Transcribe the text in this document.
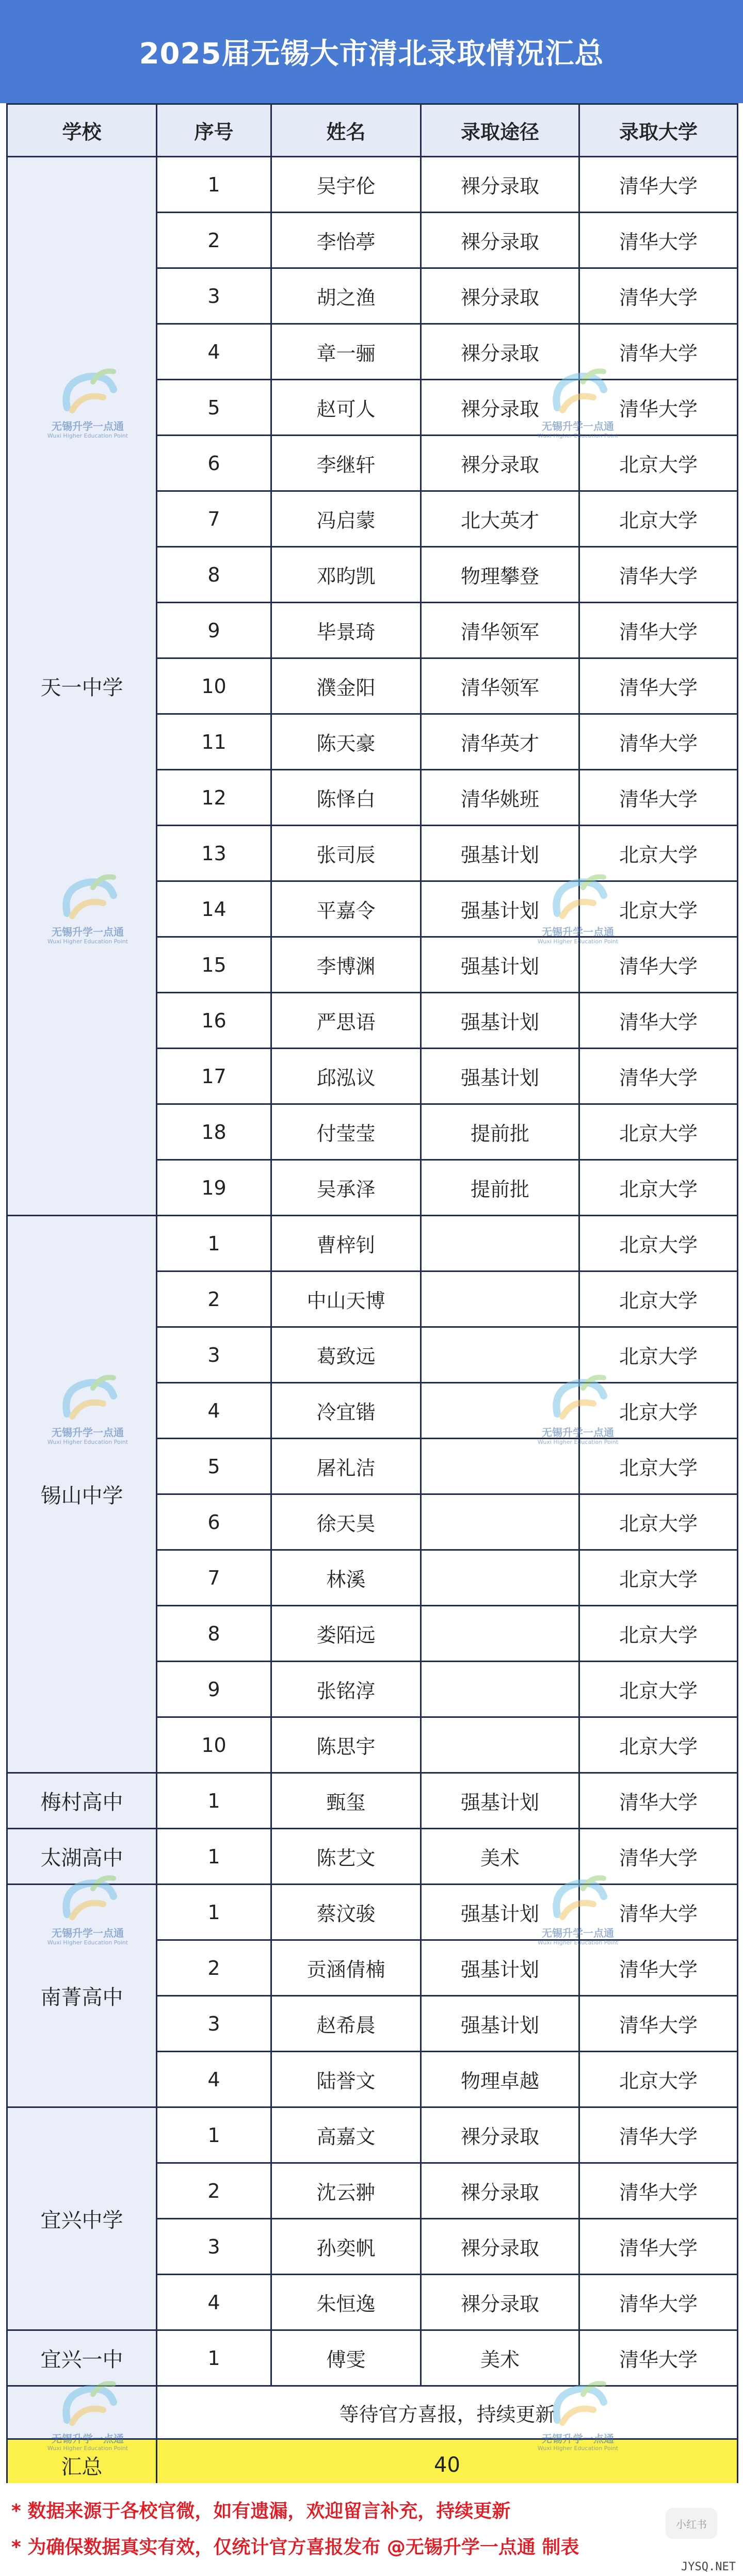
2025届无锡大市清北录取情况汇总
学校	序号	姓名	录取途径	录取大学
天一中学	1	吴宇伦	裸分录取	清华大学
	2	李怡葶	裸分录取	清华大学
	3	胡之渔	裸分录取	清华大学
	4	章一骊	裸分录取	清华大学
	5	赵可人	裸分录取	清华大学
	6	李继轩	裸分录取	北京大学
	7	冯启蒙	北大英才	北京大学
	8	邓昀凯	物理攀登	清华大学
	9	毕景琦	清华领军	清华大学
	10	濮金阳	清华领军	清华大学
	11	陈天豪	清华英才	清华大学
	12	陈怿白	清华姚班	清华大学
	13	张司辰	强基计划	北京大学
	14	平嘉令	强基计划	北京大学
	15	李博渊	强基计划	清华大学
	16	严思语	强基计划	清华大学
	17	邱泓议	强基计划	清华大学
	18	付莹莹	提前批	北京大学
	19	吴承泽	提前批	北京大学
锡山中学	1	曹梓钊		北京大学
	2	中山天博		北京大学
	3	葛致远		北京大学
	4	冷宜锴		北京大学
	5	屠礼洁		北京大学
	6	徐天昊		北京大学
	7	林溪		北京大学
	8	娄陌远		北京大学
	9	张铭淳		北京大学
	10	陈思宇		北京大学
梅村高中	1	甄玺	强基计划	清华大学
太湖高中	1	陈艺文	美术	清华大学
南菁高中	1	蔡汶骏	强基计划	清华大学
	2	贡涵倩楠	强基计划	清华大学
	3	赵希晨	强基计划	清华大学
	4	陆誉文	物理卓越	北京大学
宜兴中学	1	高嘉文	裸分录取	清华大学
	2	沈云翀	裸分录取	清华大学
	3	孙奕帆	裸分录取	清华大学
	4	朱恒逸	裸分录取	清华大学
宜兴一中	1	傅雯	美术	清华大学
	等待官方喜报，持续更新			
汇总	40			
* 数据来源于各校官微，如有遗漏，欢迎留言补充，持续更新
* 为确保数据真实有效，仅统计官方喜报发布 @无锡升学一点通 制表
小红书
JYSQ.NET
无锡升学一点通
Wuxi Higher Education Point
无锡升学一点通
Wuxi Higher Education Point
无锡升学一点通
Wuxi Higher Education Point
无锡升学一点通
Wuxi Higher Education Point
无锡升学一点通
Wuxi Higher Education Point
无锡升学一点通
Wuxi Higher Education Point
无锡升学一点通
Wuxi Higher Education Point
无锡升学一点通
Wuxi Higher Education Point
无锡升学一点通
Wuxi Higher Education Point
无锡升学一点通
Wuxi Higher Education Point
